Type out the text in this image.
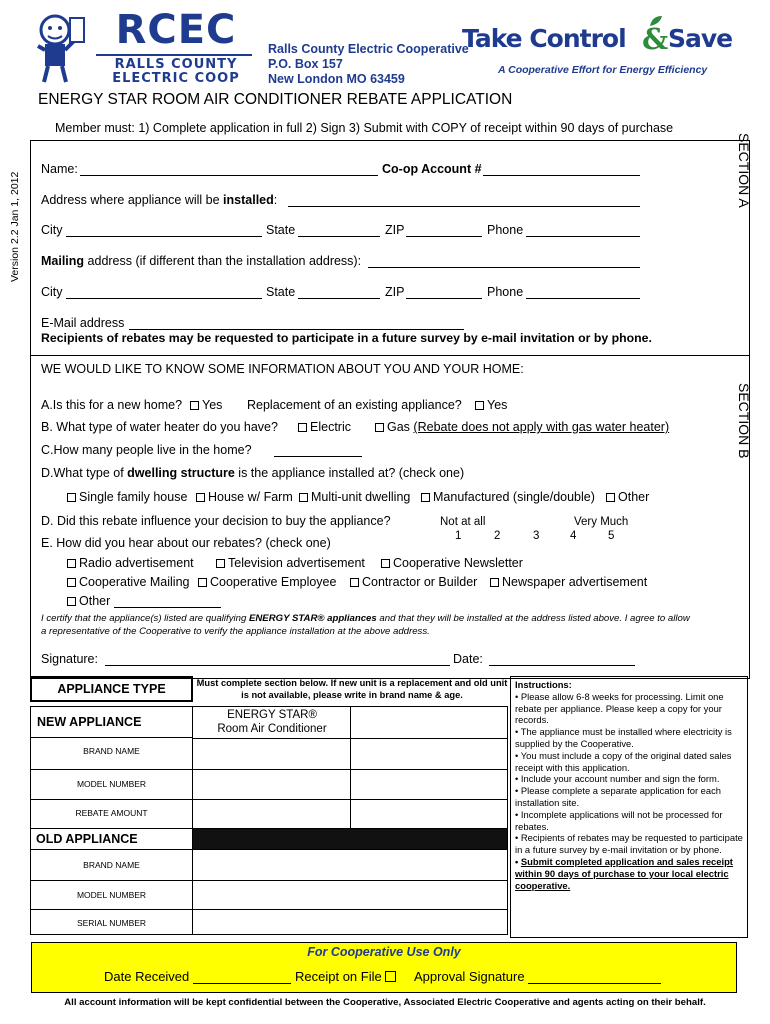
RCEC
RALLS COUNTY
ELECTRIC COOP
Ralls County Electric Cooperative
P.O. Box 157
New London MO 63459
Take Control & Save
A Cooperative Effort for Energy Efficiency
ENERGY STAR ROOM AIR CONDITIONER REBATE APPLICATION
Member must: 1) Complete application in full 2) Sign 3) Submit with COPY of receipt within 90 days of purchase
Version 2.2 Jan 1, 2012
SECTION A
Name:	Co-op Account #
Address where appliance will be installed:
City	State	ZIP	Phone
Mailing address (if different than the installation address):
City	State	ZIP	Phone
E-Mail address
Recipients of rebates may be requested to participate in a future survey by e-mail invitation or by phone.
SECTION B
WE WOULD LIKE TO KNOW SOME INFORMATION ABOUT YOU AND YOUR HOME:
A.Is this for a new home?	Yes Replacement of an existing appliance?	Yes
B. What type of water heater do you have?	Electric	Gas (Rebate does not apply with gas water heater)
C.How many people live in the home?
D.What type of dwelling structure is the appliance installed at? (check one)
Single family house	House w/ Farm	Multi-unit dwelling	Manufactured (single/double)	Other
D. Did this rebate influence your decision to buy the appliance?	Not at all	Very Much
1	2	3	4	5
E. How did you hear about our rebates? (check one)
Radio advertisement	Television advertisement	Cooperative Newsletter
Cooperative Mailing	Cooperative Employee	Contractor or Builder	Newspaper advertisement
Other
I certify that the appliance(s) listed are qualifying ENERGY STAR® appliances and that they will be installed at the address listed above. I agree to allow
a representative of the Cooperative to verify the appliance installation at the above address.
Signature:	Date:
APPLIANCE TYPE	Must complete section below. If new unit is a replacement and old unit is not available, please write in brand name & age.
NEW APPLIANCE	ENERGY STAR®
Room Air Conditioner
BRAND NAME
MODEL NUMBER
REBATE AMOUNT
OLD APPLIANCE
BRAND NAME
MODEL NUMBER
SERIAL NUMBER
Instructions:
• Please allow 6-8 weeks for processing. Limit one rebate per appliance. Please keep a copy for your records.
• The appliance must be installed where electricity is supplied by the Cooperative.
• You must include a copy of the original dated sales receipt with this application.
• Include your account number and sign the form.
• Please complete a separate application for each installation site.
• Incomplete applications will not be processed for rebates.
• Recipients of rebates may be requested to participate in a future survey by e-mail invitation or by phone.
• Submit completed application and sales receipt within 90 days of purchase to your local electric cooperative.
For Cooperative Use Only
Date Received	Receipt on File	Approval Signature
All account information will be kept confidential between the Cooperative, Associated Electric Cooperative and agents acting on their behalf.
